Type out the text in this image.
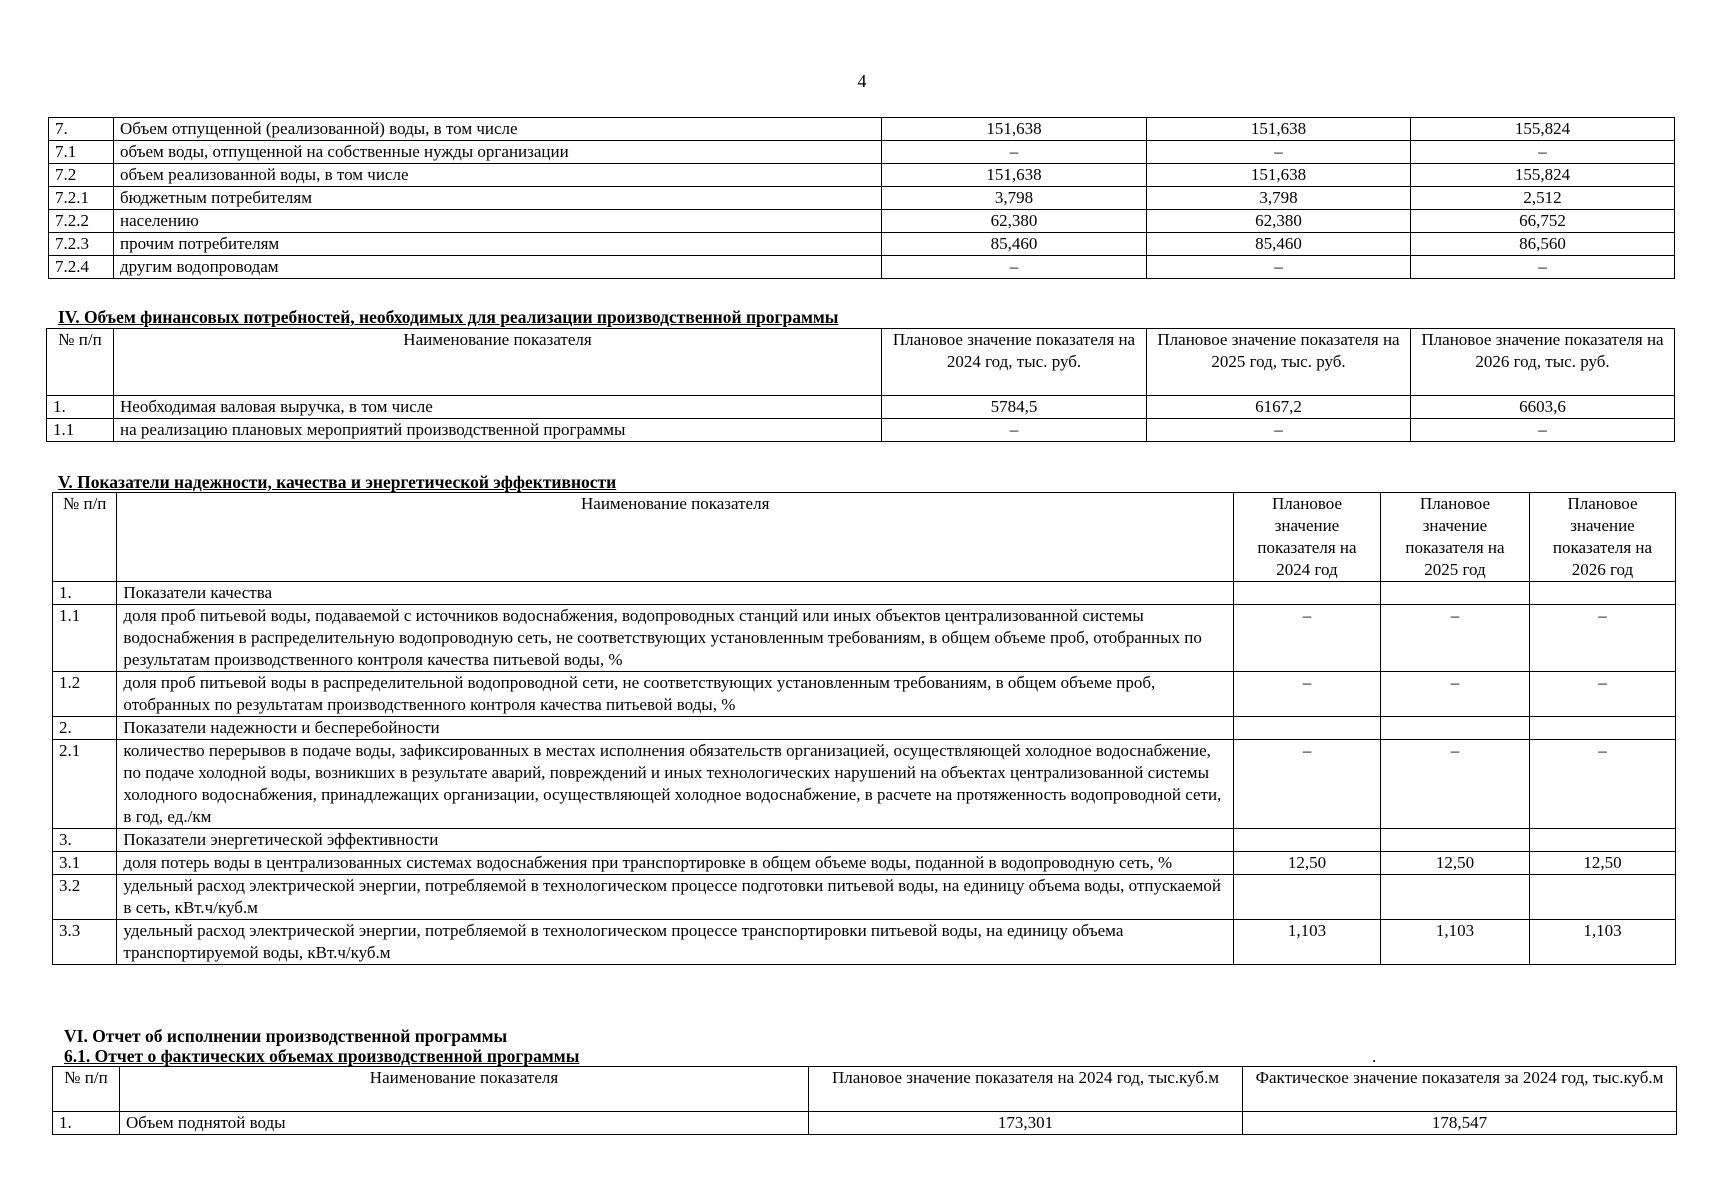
4
7.	Объем отпущенной (реализованной) воды, в том числе	151,638	151,638	155,824
7.1	объем воды, отпущенной на собственные нужды организации	–	–	–
7.2	объем реализованной воды, в том числе	151,638	151,638	155,824
7.2.1	бюджетным потребителям	3,798	3,798	2,512
7.2.2	населению	62,380	62,380	66,752
7.2.3	прочим потребителям	85,460	85,460	86,560
7.2.4	другим водопроводам	–	–	–
IV. Объем финансовых потребностей, необходимых для реализации производственной программы
№ п/п	Наименование показателя	Плановое значение показателя на 2024 год, тыс. руб.	Плановое значение показателя на 2025 год, тыс. руб.	Плановое значение показателя на 2026 год, тыс. руб.
1.	Необходимая валовая выручка, в том числе	5784,5	6167,2	6603,6
1.1	на реализацию плановых мероприятий производственной программы	–	–	–
V. Показатели надежности, качества и энергетической эффективности
№ п/п	Наименование показателя	Плановое значение показателя на 2024 год	Плановое значение показателя на 2025 год	Плановое значение показателя на 2026 год
1.	Показатели качества			
1.1	доля проб питьевой воды, подаваемой с источников водоснабжения, водопроводных станций или иных объектов централизованной системы водоснабжения в распределительную водопроводную сеть, не соответствующих установленным требованиям, в общем объеме проб, отобранных по результатам производственного контроля качества питьевой воды, %	–	–	–
1.2	доля проб питьевой воды в распределительной водопроводной сети, не соответствующих установленным требованиям, в общем объеме проб, отобранных по результатам производственного контроля качества питьевой воды, %	–	–	–
2.	Показатели надежности и бесперебойности			
2.1	количество перерывов в подаче воды, зафиксированных в местах исполнения обязательств организацией, осуществляющей холодное водоснабжение, по подаче холодной воды, возникших в результате аварий, повреждений и иных технологических нарушений на объектах централизованной системы холодного водоснабжения, принадлежащих организации, осуществляющей холодное водоснабжение, в расчете на протяженность водопроводной сети, в год, ед./км	–	–	–
3.	Показатели энергетической эффективности			
3.1	доля потерь воды в централизованных системах водоснабжения при транспортировке в общем объеме воды, поданной в водопроводную сеть, %	12,50	12,50	12,50
3.2	удельный расход электрической энергии, потребляемой в технологическом процессе подготовки питьевой воды, на единицу объема воды, отпускаемой в сеть, кВт.ч/куб.м			
3.3	удельный расход электрической энергии, потребляемой в технологическом процессе транспортировки питьевой воды, на единицу объема транспортируемой воды, кВт.ч/куб.м	1,103	1,103	1,103
VI. Отчет об исполнении производственной программы
6.1. Отчет о фактических объемах производственной программы	.
№ п/п	Наименование показателя	Плановое значение показателя на 2024 год, тыс.куб.м	Фактическое значение показателя за 2024 год, тыс.куб.м
1.	Объем поднятой воды	173,301	178,547
